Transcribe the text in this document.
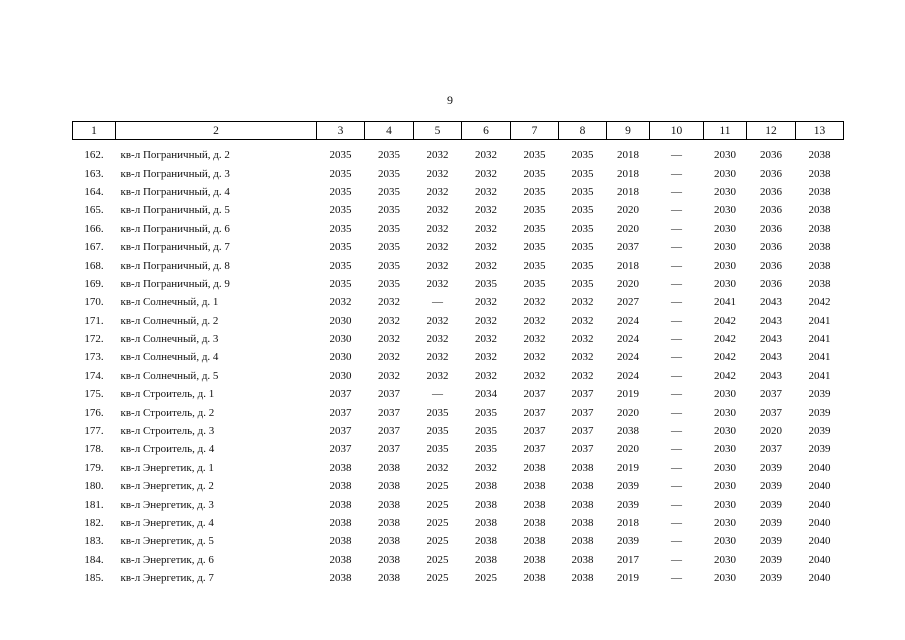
9
1	2	3	4	5	6	7	8	9	10	11	12	13

162.	кв-л Пограничный, д. 2	2035	2035	2032	2032	2035	2035	2018	—	2030	2036	2038
163.	кв-л Пограничный, д. 3	2035	2035	2032	2032	2035	2035	2018	—	2030	2036	2038
164.	кв-л Пограничный, д. 4	2035	2035	2032	2032	2035	2035	2018	—	2030	2036	2038
165.	кв-л Пограничный, д. 5	2035	2035	2032	2032	2035	2035	2020	—	2030	2036	2038
166.	кв-л Пограничный, д. 6	2035	2035	2032	2032	2035	2035	2020	—	2030	2036	2038
167.	кв-л Пограничный, д. 7	2035	2035	2032	2032	2035	2035	2037	—	2030	2036	2038
168.	кв-л Пограничный, д. 8	2035	2035	2032	2032	2035	2035	2018	—	2030	2036	2038
169.	кв-л Пограничный, д. 9	2035	2035	2032	2035	2035	2035	2020	—	2030	2036	2038
170.	кв-л Солнечный, д. 1	2032	2032	—	2032	2032	2032	2027	—	2041	2043	2042
171.	кв-л Солнечный, д. 2	2030	2032	2032	2032	2032	2032	2024	—	2042	2043	2041
172.	кв-л Солнечный, д. 3	2030	2032	2032	2032	2032	2032	2024	—	2042	2043	2041
173.	кв-л Солнечный, д. 4	2030	2032	2032	2032	2032	2032	2024	—	2042	2043	2041
174.	кв-л Солнечный, д. 5	2030	2032	2032	2032	2032	2032	2024	—	2042	2043	2041
175.	кв-л Строитель, д. 1	2037	2037	—	2034	2037	2037	2019	—	2030	2037	2039
176.	кв-л Строитель, д. 2	2037	2037	2035	2035	2037	2037	2020	—	2030	2037	2039
177.	кв-л Строитель, д. 3	2037	2037	2035	2035	2037	2037	2038	—	2030	2020	2039
178.	кв-л Строитель, д. 4	2037	2037	2035	2035	2037	2037	2020	—	2030	2037	2039
179.	кв-л Энергетик, д. 1	2038	2038	2032	2032	2038	2038	2019	—	2030	2039	2040
180.	кв-л Энергетик, д. 2	2038	2038	2025	2038	2038	2038	2039	—	2030	2039	2040
181.	кв-л Энергетик, д. 3	2038	2038	2025	2038	2038	2038	2039	—	2030	2039	2040
182.	кв-л Энергетик, д. 4	2038	2038	2025	2038	2038	2038	2018	—	2030	2039	2040
183.	кв-л Энергетик, д. 5	2038	2038	2025	2038	2038	2038	2039	—	2030	2039	2040
184.	кв-л Энергетик, д. 6	2038	2038	2025	2038	2038	2038	2017	—	2030	2039	2040
185.	кв-л Энергетик, д. 7	2038	2038	2025	2025	2038	2038	2019	—	2030	2039	2040
